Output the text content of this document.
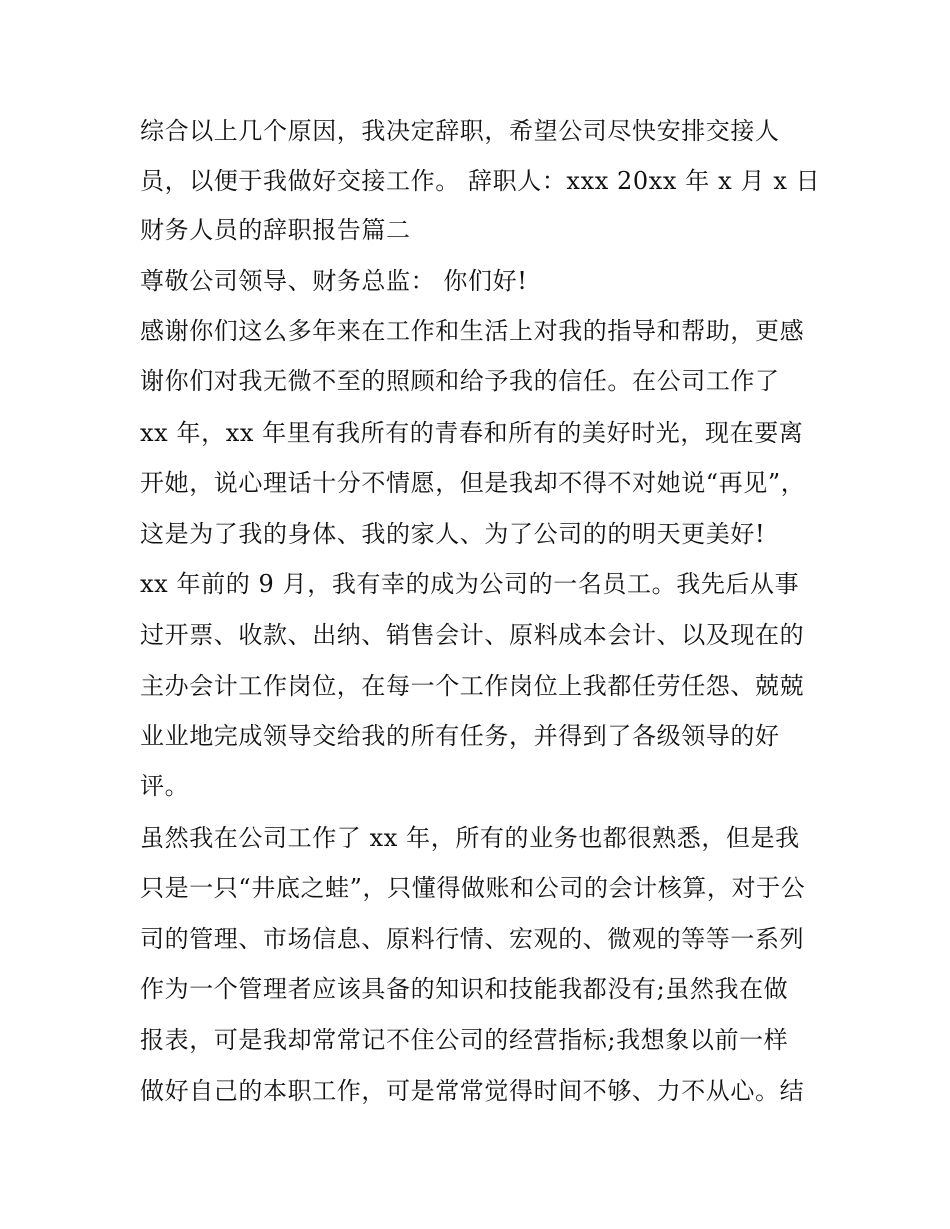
综合以上几个原因，我决定辞职，希望公司尽快安排交接人
员，以便于我做好交接工作。 辞职人：xxx 20xx 年 x 月 x 日
财务人员的辞职报告篇二
尊敬公司领导、财务总监： 你们好!
感谢你们这么多年来在工作和生活上对我的指导和帮助，更感
谢你们对我无微不至的照顾和给予我的信任。在公司工作了
xx 年，xx 年里有我所有的青春和所有的美好时光，现在要离
开她，说心理话十分不情愿，但是我却不得不对她说“再见”，
这是为了我的身体、我的家人、为了公司的的明天更美好!
xx 年前的 9 月，我有幸的成为公司的一名员工。我先后从事
过开票、收款、出纳、销售会计、原料成本会计、以及现在的
主办会计工作岗位，在每一个工作岗位上我都任劳任怨、兢兢
业业地完成领导交给我的所有任务，并得到了各级领导的好
评。
虽然我在公司工作了 xx 年，所有的业务也都很熟悉，但是我
只是一只“井底之蛙”，只懂得做账和公司的会计核算，对于公
司的管理、市场信息、原料行情、宏观的、微观的等等一系列
作为一个管理者应该具备的知识和技能我都没有;虽然我在做
报表，可是我却常常记不住公司的经营指标;我想象以前一样
做好自己的本职工作，可是常常觉得时间不够、力不从心。结
